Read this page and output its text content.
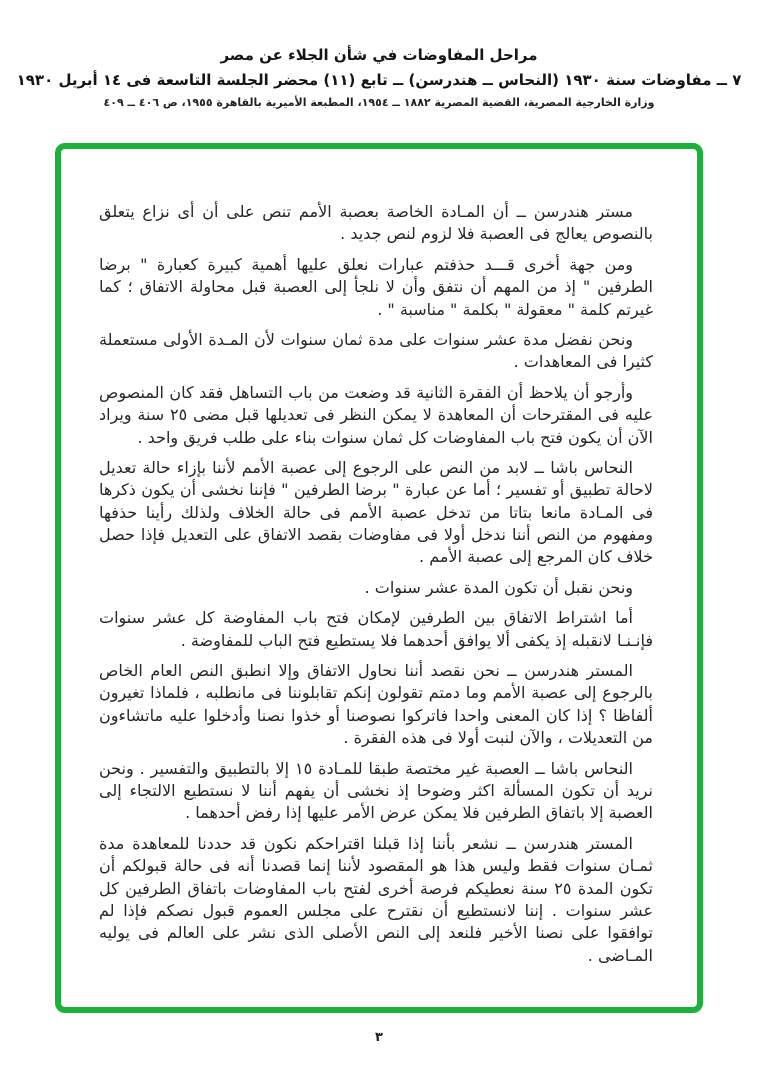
مراحل المفاوضات في شأن الجلاء عن مصر
٧ ــ مفاوضات سنة ١٩٣٠ (النحاس ــ هندرسن) ــ تابع (١١) محضر الجلسة التاسعة فى ١٤ أبريل ١٩٣٠
وزارة الخارجية المصرية، القضية المصرية ١٨٨٢ ــ ١٩٥٤، المطبعة الأميرية بالقاهرة ١٩٥٥، ص ٤٠٦ ــ ٤٠٩

مستر هندرسن ــ أن المـادة الخاصة بعصبة الأمم تنص على أن أى نزاع يتعلق بالنصوص يعالج فى العصبة فلا لزوم لنص جديد .

ومن جهة أخرى قـــد حذفتم عبارات نعلق عليها أهمية كبيرة كعبارة " برضا الطرفين " إذ من المهم أن نتفق وأن لا نلجأ إلى العصبة قبل محاولة الاتفاق ؛ كما غيرتم كلمة " معقولة " بكلمة " مناسبة " .

ونحن نفضل مدة عشر سنوات على مدة ثمان سنوات لأن المـدة الأولى مستعملة كثيرا فى المعاهدات .

وأرجو أن يلاحظ أن الفقرة الثانية قد وضعت من باب التساهل فقد كان المنصوص عليه فى المقترحات أن المعاهدة لا يمكن النظر فى تعديلها قبل مضى ٢٥ سنة ويراد الآن أن يكون فتح باب المفاوضات كل ثمان سنوات بناء على طلب فريق واحد .

النحاس باشا ــ لابد من النص على الرجوع إلى عصبة الأمم لأننا بإزاء حالة تعديل لاحالة تطبيق أو تفسير ؛ أما عن عبارة " برضا الطرفين " فإننا نخشى أن يكون ذكرها فى المـادة مانعا بتاتا من تدخل عصبة الأمم فى حالة الخلاف ولذلك رأينا حذفها ومفهوم من النص أننا ندخل أولا فى مفاوضات بقصد الاتفاق على التعديل فإذا حصل خلاف كان المرجع إلى عصبة الأمم .

ونحن نقبل أن تكون المدة عشر سنوات .

أما اشتراط الاتفاق بين الطرفين لإمكان فتح باب المفاوضة كل عشر سنوات فإنـنـا لانقبله إذ يكفى ألا يوافق أحدهما فلا يستطيع فتح الباب للمفاوضة .

المستر هندرسن ــ نحن نقصد أننا نحاول الاتفاق وإلا انطبق النص العام الخاص بالرجوع إلى عصبة الأمم وما دمتم تقولون إنكم تقابلوننا فى مانطلبه ، فلماذا تغيرون ألفاظا ؟ إذا كان المعنى واحدا فاتركوا نصوصنا أو خذوا نصنا وأدخلوا عليه ماتشاءون من التعديلات ، والآن لنبت أولا فى هذه الفقرة .

النحاس باشا ــ العصبة غير مختصة طبقا للمـادة ١٥ إلا بالتطبيق والتفسير . ونحن نريد أن تكون المسألة اكثر وضوحا إذ نخشى أن يفهم أننا لا نستطيع الالتجاء إلى العصبة إلا باتفاق الطرفين فلا يمكن عرض الأمر عليها إذا رفض أحدهما .

المستر هندرسن ــ نشعر بأننا إذا قبلنا اقتراحكم نكون قد حددنا للمعاهدة مدة ثمـان سنوات فقط وليس هذا هو المقصود لأننا إنما قصدنا أنه فى حالة قبولكم أن تكون المدة ٢٥ سنة نعطيكم فرصة أخرى لفتح باب المفاوضات باتفاق الطرفين كل عشر سنوات . إننا لانستطيع أن نقترح على مجلس العموم قبول نصكم فإذا لم توافقوا على نصنا الأخير فلنعد إلى النص الأصلى الذى نشر على العالم فى يوليه المـاضى .

٣
